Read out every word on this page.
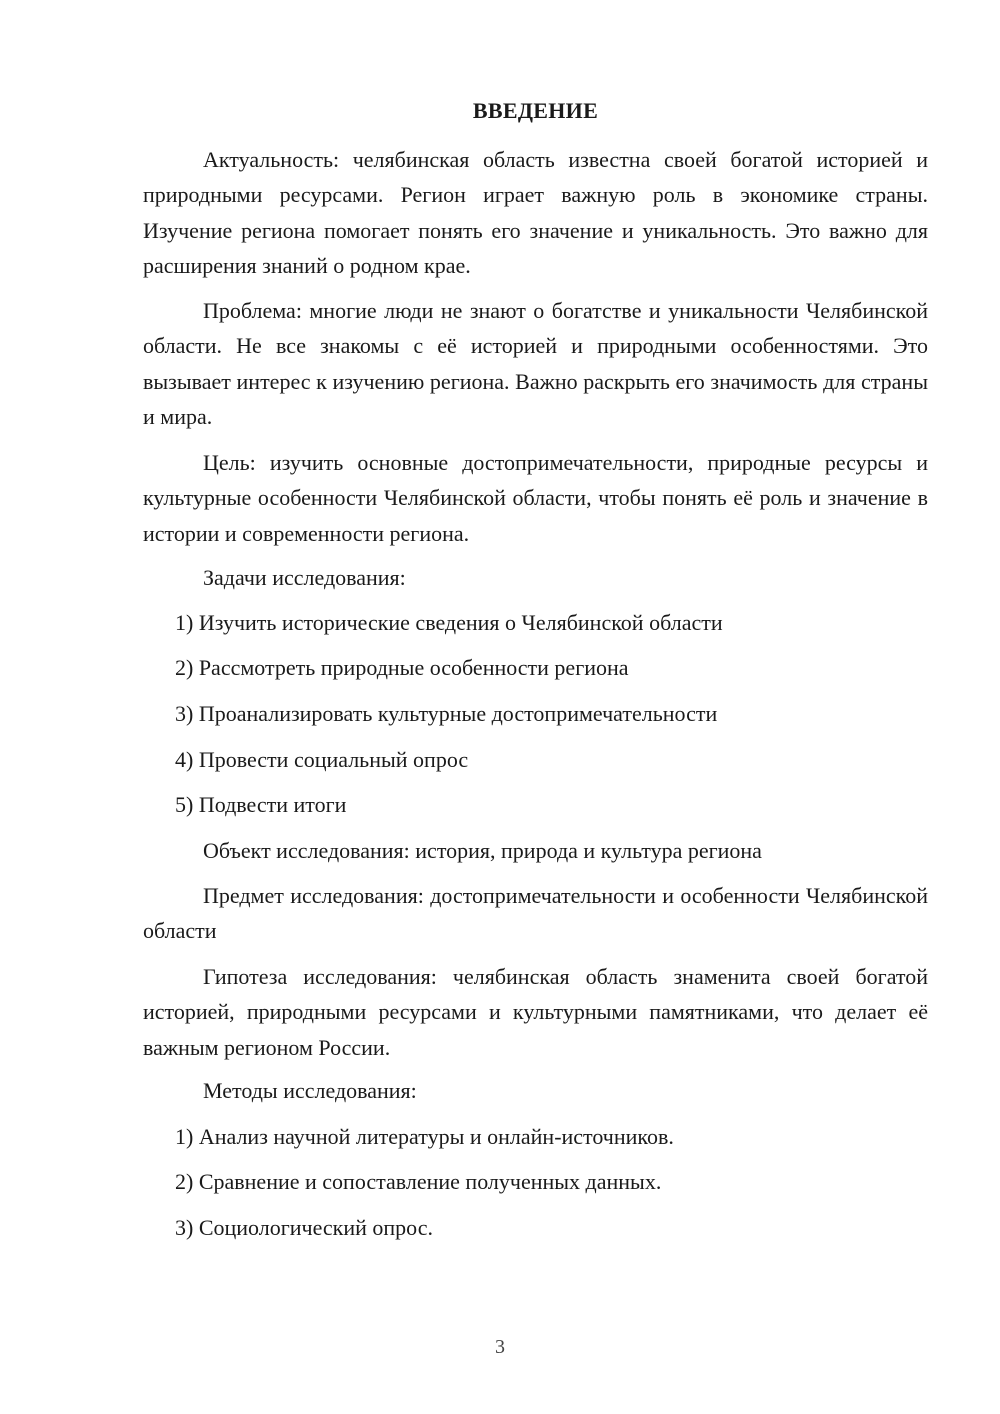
ВВЕДЕНИЕ

Актуальность: челябинская область известна своей богатой историей и природными ресурсами. Регион играет важную роль в экономике страны. Изучение региона помогает понять его значение и уникальность. Это важно для расширения знаний о родном крае.

Проблема: многие люди не знают о богатстве и уникальности Челябинской области. Не все знакомы с её историей и природными особенностями. Это вызывает интерес к изучению региона. Важно раскрыть его значимость для страны и мира.

Цель: изучить основные достопримечательности, природные ресурсы и культурные особенности Челябинской области, чтобы понять её роль и значение в истории и современности региона.

Задачи исследования:

1) Изучить исторические сведения о Челябинской области

2) Рассмотреть природные особенности региона

3) Проанализировать культурные достопримечательности

4) Провести социальный опрос

5) Подвести итоги

Объект исследования: история, природа и культура региона

Предмет исследования: достопримечательности и особенности Челябинской области

Гипотеза исследования: челябинская область знаменита своей богатой историей, природными ресурсами и культурными памятниками, что делает её важным регионом России.

Методы исследования:

1) Анализ научной литературы и онлайн-источников.

2) Сравнение и сопоставление полученных данных.

3) Социологический опрос.

3
